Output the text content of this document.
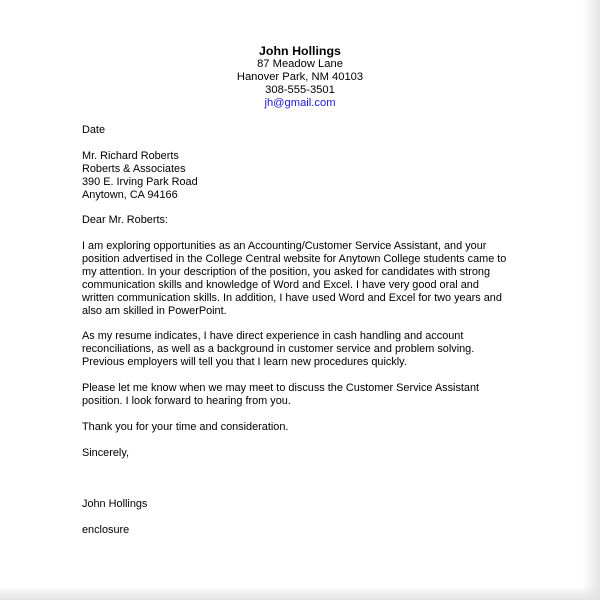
John Hollings
87 Meadow Lane
Hanover Park, NM 40103
308-555-3501
jh@gmail.com
Date
Mr. Richard Roberts
Roberts & Associates
390 E. Irving Park Road
Anytown, CA 94166
Dear Mr. Roberts:
I am exploring opportunities as an Accounting/Customer Service Assistant, and your
position advertised in the College Central website for Anytown College students came to
my attention. In your description of the position, you asked for candidates with strong
communication skills and knowledge of Word and Excel. I have very good oral and
written communication skills. In addition, I have used Word and Excel for two years and
also am skilled in PowerPoint.
As my resume indicates, I have direct experience in cash handling and account
reconciliations, as well as a background in customer service and problem solving.
Previous employers will tell you that I learn new procedures quickly.
Please let me know when we may meet to discuss the Customer Service Assistant
position. I look forward to hearing from you.
Thank you for your time and consideration.
Sincerely,
John Hollings
enclosure
